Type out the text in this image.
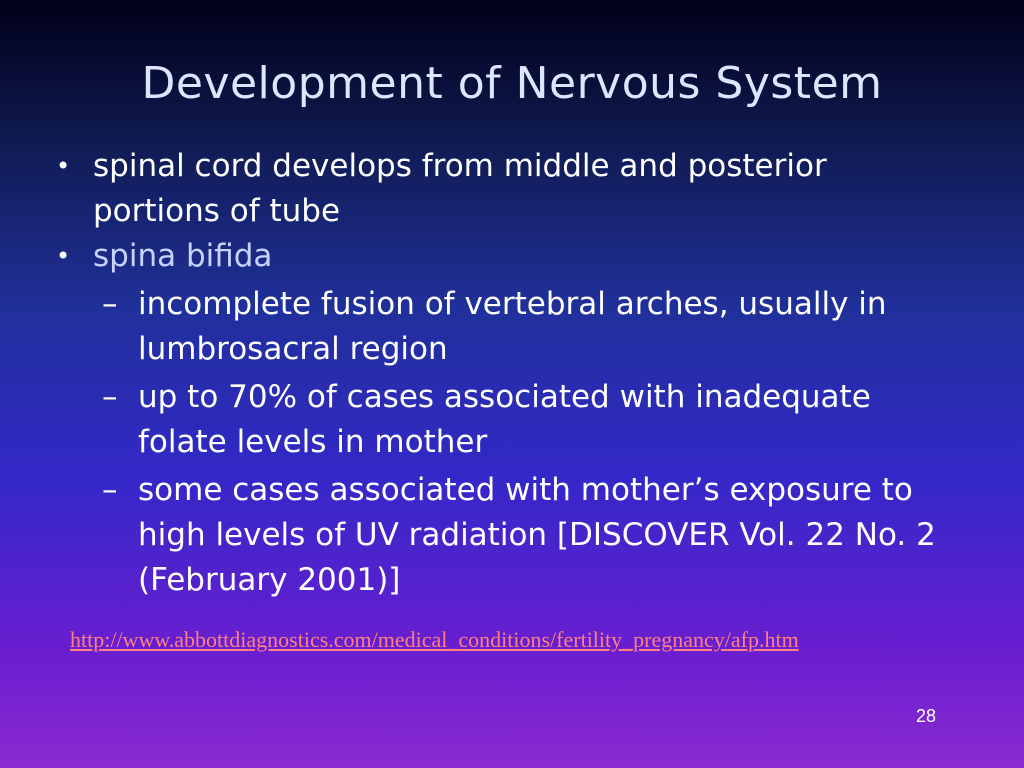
Development of Nervous System
• spinal cord develops from middle and posterior portions of tube
• spina bifida
– incomplete fusion of vertebral arches, usually in lumbrosacral region
– up to 70% of cases associated with inadequate folate levels in mother
– some cases associated with mother’s exposure to high levels of UV radiation [DISCOVER Vol. 22 No. 2 (February 2001)]
http://www.abbottdiagnostics.com/medical_conditions/fertility_pregnancy/afp.htm
28
